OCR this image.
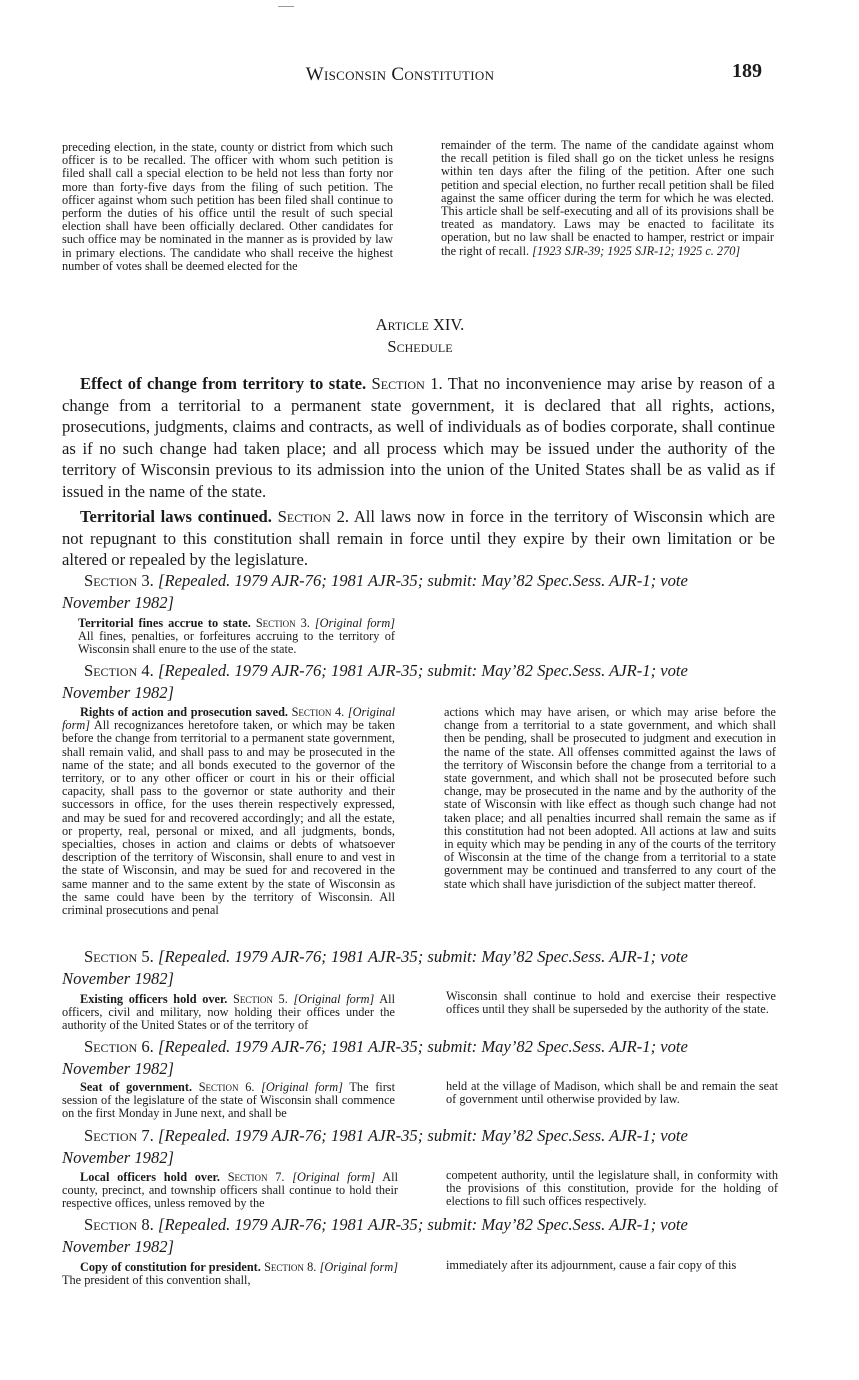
Wisconsin Constitution	189

preceding election, in the state, county or district from which such officer is to be recalled. The officer with whom such petition is filed shall call a special election to be held not less than forty nor more than forty-five days from the filing of such petition. The officer against whom such petition has been filed shall continue to perform the duties of his office until the result of such special election shall have been officially declared. Other candidates for such office may be nominated in the manner as is provided by law in primary elections. The candidate who shall receive the highest number of votes shall be deemed elected for the

remainder of the term. The name of the candidate against whom the recall petition is filed shall go on the ticket unless he resigns within ten days after the filing of the petition. After one such petition and special election, no further recall petition shall be filed against the same officer during the term for which he was elected. This article shall be self-executing and all of its provisions shall be treated as mandatory. Laws may be enacted to facilitate its operation, but no law shall be enacted to hamper, restrict or impair the right of recall. [1923 SJR-39; 1925 SJR-12; 1925 c. 270]

Article XIV.
Schedule

Effect of change from territory to state. Section 1. That no inconvenience may arise by reason of a change from a territorial to a permanent state government, it is declared that all rights, actions, prosecutions, judgments, claims and contracts, as well of individuals as of bodies corporate, shall continue as if no such change had taken place; and all process which may be issued under the authority of the territory of Wisconsin previous to its admission into the union of the United States shall be as valid as if issued in the name of the state.

Territorial laws continued. Section 2. All laws now in force in the territory of Wisconsin which are not repugnant to this constitution shall remain in force until they expire by their own limitation or be altered or repealed by the legislature.

Section 3. [Repealed. 1979 AJR-76; 1981 AJR-35; submit: May’82 Spec.Sess. AJR-1; vote
November 1982]

Territorial fines accrue to state. Section 3. [Original form] All fines, penalties, or forfeitures accruing to the territory of Wisconsin shall enure to the use of the state.

Section 4. [Repealed. 1979 AJR-76; 1981 AJR-35; submit: May’82 Spec.Sess. AJR-1; vote
November 1982]

Rights of action and prosecution saved. Section 4. [Original form] All recognizances heretofore taken, or which may be taken before the change from territorial to a permanent state government, shall remain valid, and shall pass to and may be prosecuted in the name of the state; and all bonds executed to the governor of the territory, or to any other officer or court in his or their official capacity, shall pass to the governor or state authority and their successors in office, for the uses therein respectively expressed, and may be sued for and recovered accordingly; and all the estate, or property, real, personal or mixed, and all judgments, bonds, specialties, choses in action and claims or debts of whatsoever description of the territory of Wisconsin, shall enure to and vest in the state of Wisconsin, and may be sued for and recovered in the same manner and to the same extent by the state of Wisconsin as the same could have been by the territory of Wisconsin. All criminal prosecutions and penal

actions which may have arisen, or which may arise before the change from a territorial to a state government, and which shall then be pending, shall be prosecuted to judgment and execution in the name of the state. All offenses committed against the laws of the territory of Wisconsin before the change from a territorial to a state government, and which shall not be prosecuted before such change, may be prosecuted in the name and by the authority of the state of Wisconsin with like effect as though such change had not taken place; and all penalties incurred shall remain the same as if this constitution had not been adopted. All actions at law and suits in equity which may be pending in any of the courts of the territory of Wisconsin at the time of the change from a territorial to a state government may be continued and transferred to any court of the state which shall have jurisdiction of the subject matter thereof.

Section 5. [Repealed. 1979 AJR-76; 1981 AJR-35; submit: May’82 Spec.Sess. AJR-1; vote
November 1982]

Existing officers hold over. Section 5. [Original form] All officers, civil and military, now holding their offices under the authority of the United States or of the territory of

Wisconsin shall continue to hold and exercise their respective offices until they shall be superseded by the authority of the state.

Section 6. [Repealed. 1979 AJR-76; 1981 AJR-35; submit: May’82 Spec.Sess. AJR-1; vote
November 1982]

Seat of government. Section 6. [Original form] The first session of the legislature of the state of Wisconsin shall commence on the first Monday in June next, and shall be

held at the village of Madison, which shall be and remain the seat of government until otherwise provided by law.

Section 7. [Repealed. 1979 AJR-76; 1981 AJR-35; submit: May’82 Spec.Sess. AJR-1; vote
November 1982]

Local officers hold over. Section 7. [Original form] All county, precinct, and township officers shall continue to hold their respective offices, unless removed by the

competent authority, until the legislature shall, in conformity with the provisions of this constitution, provide for the holding of elections to fill such offices respectively.

Section 8. [Repealed. 1979 AJR-76; 1981 AJR-35; submit: May’82 Spec.Sess. AJR-1; vote
November 1982]

Copy of constitution for president. Section 8. [Original form] The president of this convention shall,

immediately after its adjournment, cause a fair copy of this
